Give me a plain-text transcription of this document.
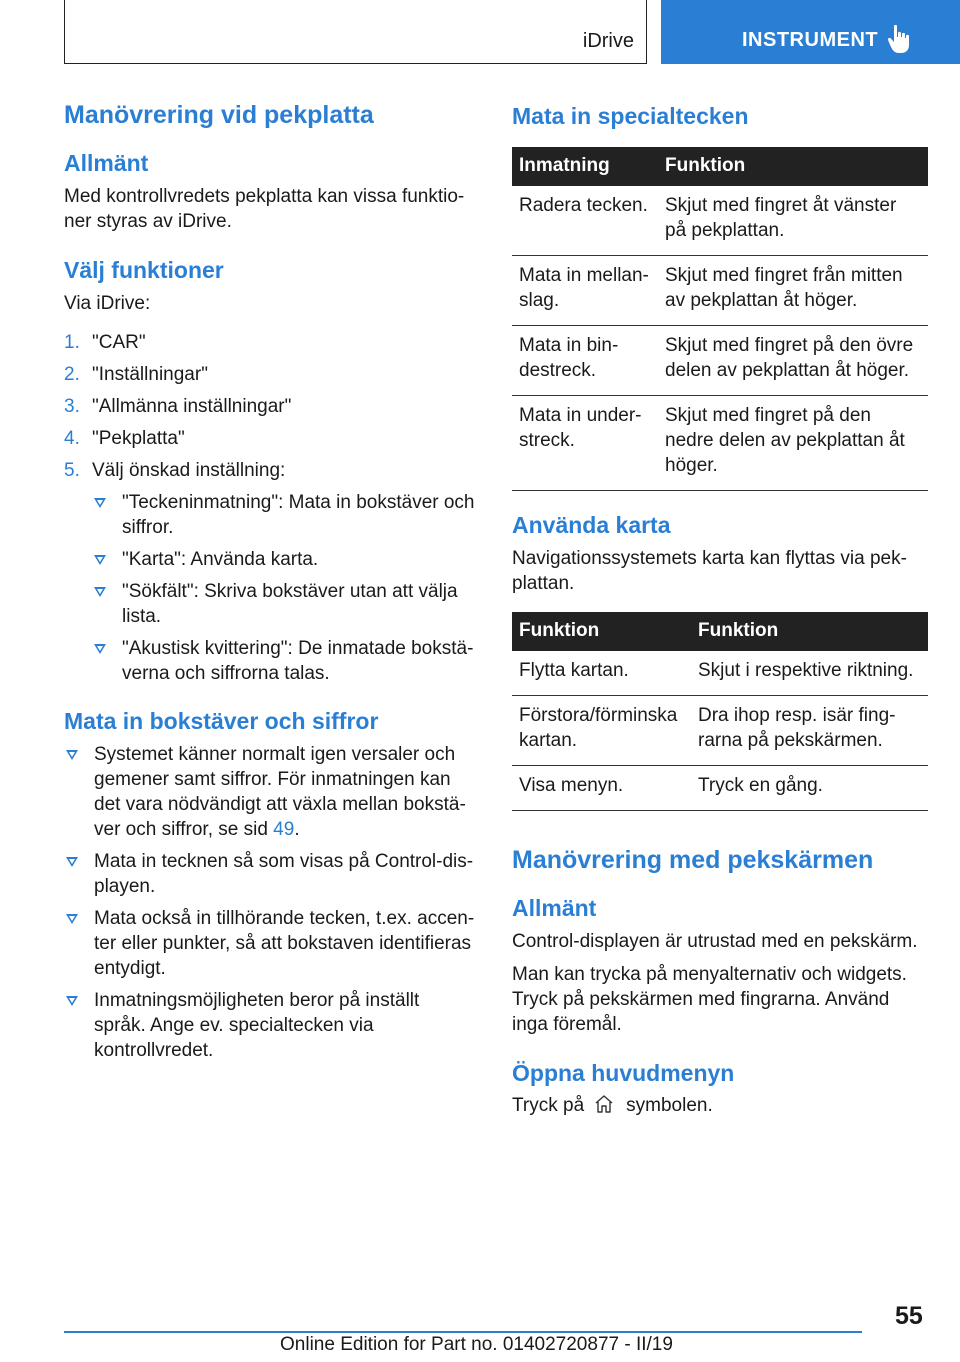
iDrive	INSTRUMENT
Manövrering vid pekplatta
Allmänt

Med kontrollvredets pekplatta kan vissa funktio-ner styras av iDrive.

Välj funktioner

Via iDrive:

1. "CAR"
2. "Inställningar"
3. "Allmänna inställningar"
4. "Pekplatta"
5. Välj önskad inställning:
"Teckeninmatning": Mata in bokstäver och siffror.
"Karta": Använda karta.
"Sökfält": Skriva bokstäver utan att välja lista.
"Akustisk kvittering": De inmatade bokstä-verna och siffrorna talas.
Mata in bokstäver och siffror
Systemet känner normalt igen versaler och gemener samt siffror. För inmatningen kan det vara nödvändigt att växla mellan bokstä-ver och siffror, se sid 49.
Mata in tecknen så som visas på Control-dis-playen.
Mata också in tillhörande tecken, t.ex. accen-ter eller punkter, så att bokstaven identifieras entydigt.
Inmatningsmöjligheten beror på inställt språk. Ange ev. specialtecken via kontrollvredet.
Mata in specialtecken
Inmatning	Funktion
Radera tecken.	Skjut med fingret åt vänster på pekplattan.
Mata in mellan-slag.	Skjut med fingret från mitten av pekplattan åt höger.
Mata in bin-destreck.	Skjut med fingret på den övre delen av pekplattan åt höger.
Mata in under-streck.	Skjut med fingret på den nedre delen av pekplattan åt höger.
Använda karta

Navigationssystemets karta kan flyttas via pek-plattan.

Funktion	Funktion
Flytta kartan.	Skjut i respektive riktning.
Förstora/förminska kartan.	Dra ihop resp. isär fing-rarna på pekskärmen.
Visa menyn.	Tryck en gång.
Manövrering med pekskärmen
Allmänt

Control-displayen är utrustad med en pekskärm.

Man kan trycka på menyalternativ och widgets. Tryck på pekskärmen med fingrarna. Använd inga föremål.

Öppna huvudmenyn

Tryck på symbolen.

55
Online Edition for Part no. 01402720877 - II/19
